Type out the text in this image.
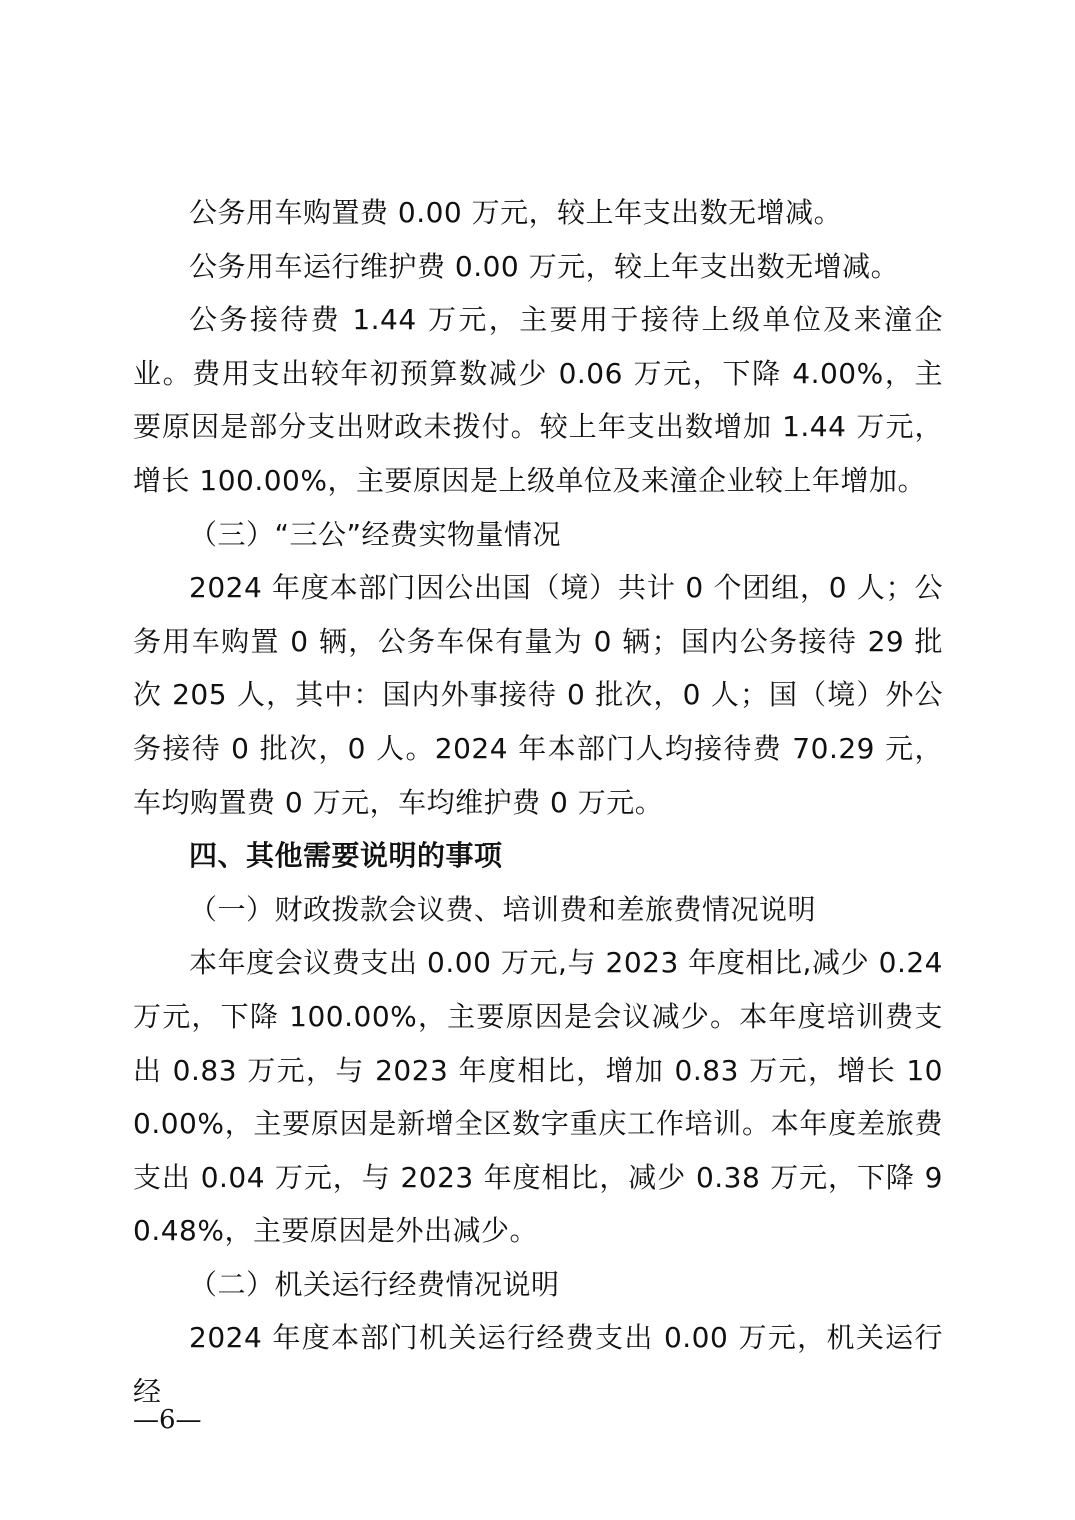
公务用车购置费 0.00 万元，较上年支出数无增减。

公务用车运行维护费 0.00 万元，较上年支出数无增减。

公务接待费 1.44 万元，主要用于接待上级单位及来潼企业。费用支出较年初预算数减少 0.06 万元，下降 4.00%，主要原因是部分支出财政未拨付。较上年支出数增加 1.44 万元，增长 100.00%，主要原因是上级单位及来潼企业较上年增加。

（三）“三公”经费实物量情况

2024 年度本部门因公出国（境）共计 0 个团组，0 人；公务用车购置 0 辆，公务车保有量为 0 辆；国内公务接待 29 批次 205 人，其中：国内外事接待 0 批次，0 人；国（境）外公务接待 0 批次，0 人。2024 年本部门人均接待费 70.29 元，车均购置费 0 万元，车均维护费 0 万元。

四、其他需要说明的事项

（一）财政拨款会议费、培训费和差旅费情况说明

本年度会议费支出 0.00 万元,与 2023 年度相比,减少 0.24 万元，下降 100.00%，主要原因是会议减少。本年度培训费支出 0.83 万元，与 2023 年度相比，增加 0.83 万元，增长 100.00%，主要原因是新增全区数字重庆工作培训。本年度差旅费支出 0.04 万元，与 2023 年度相比，减少 0.38 万元，下降 90.48%，主要原因是外出减少。

（二）机关运行经费情况说明

2024 年度本部门机关运行经费支出 0.00 万元，机关运行经

—6—
